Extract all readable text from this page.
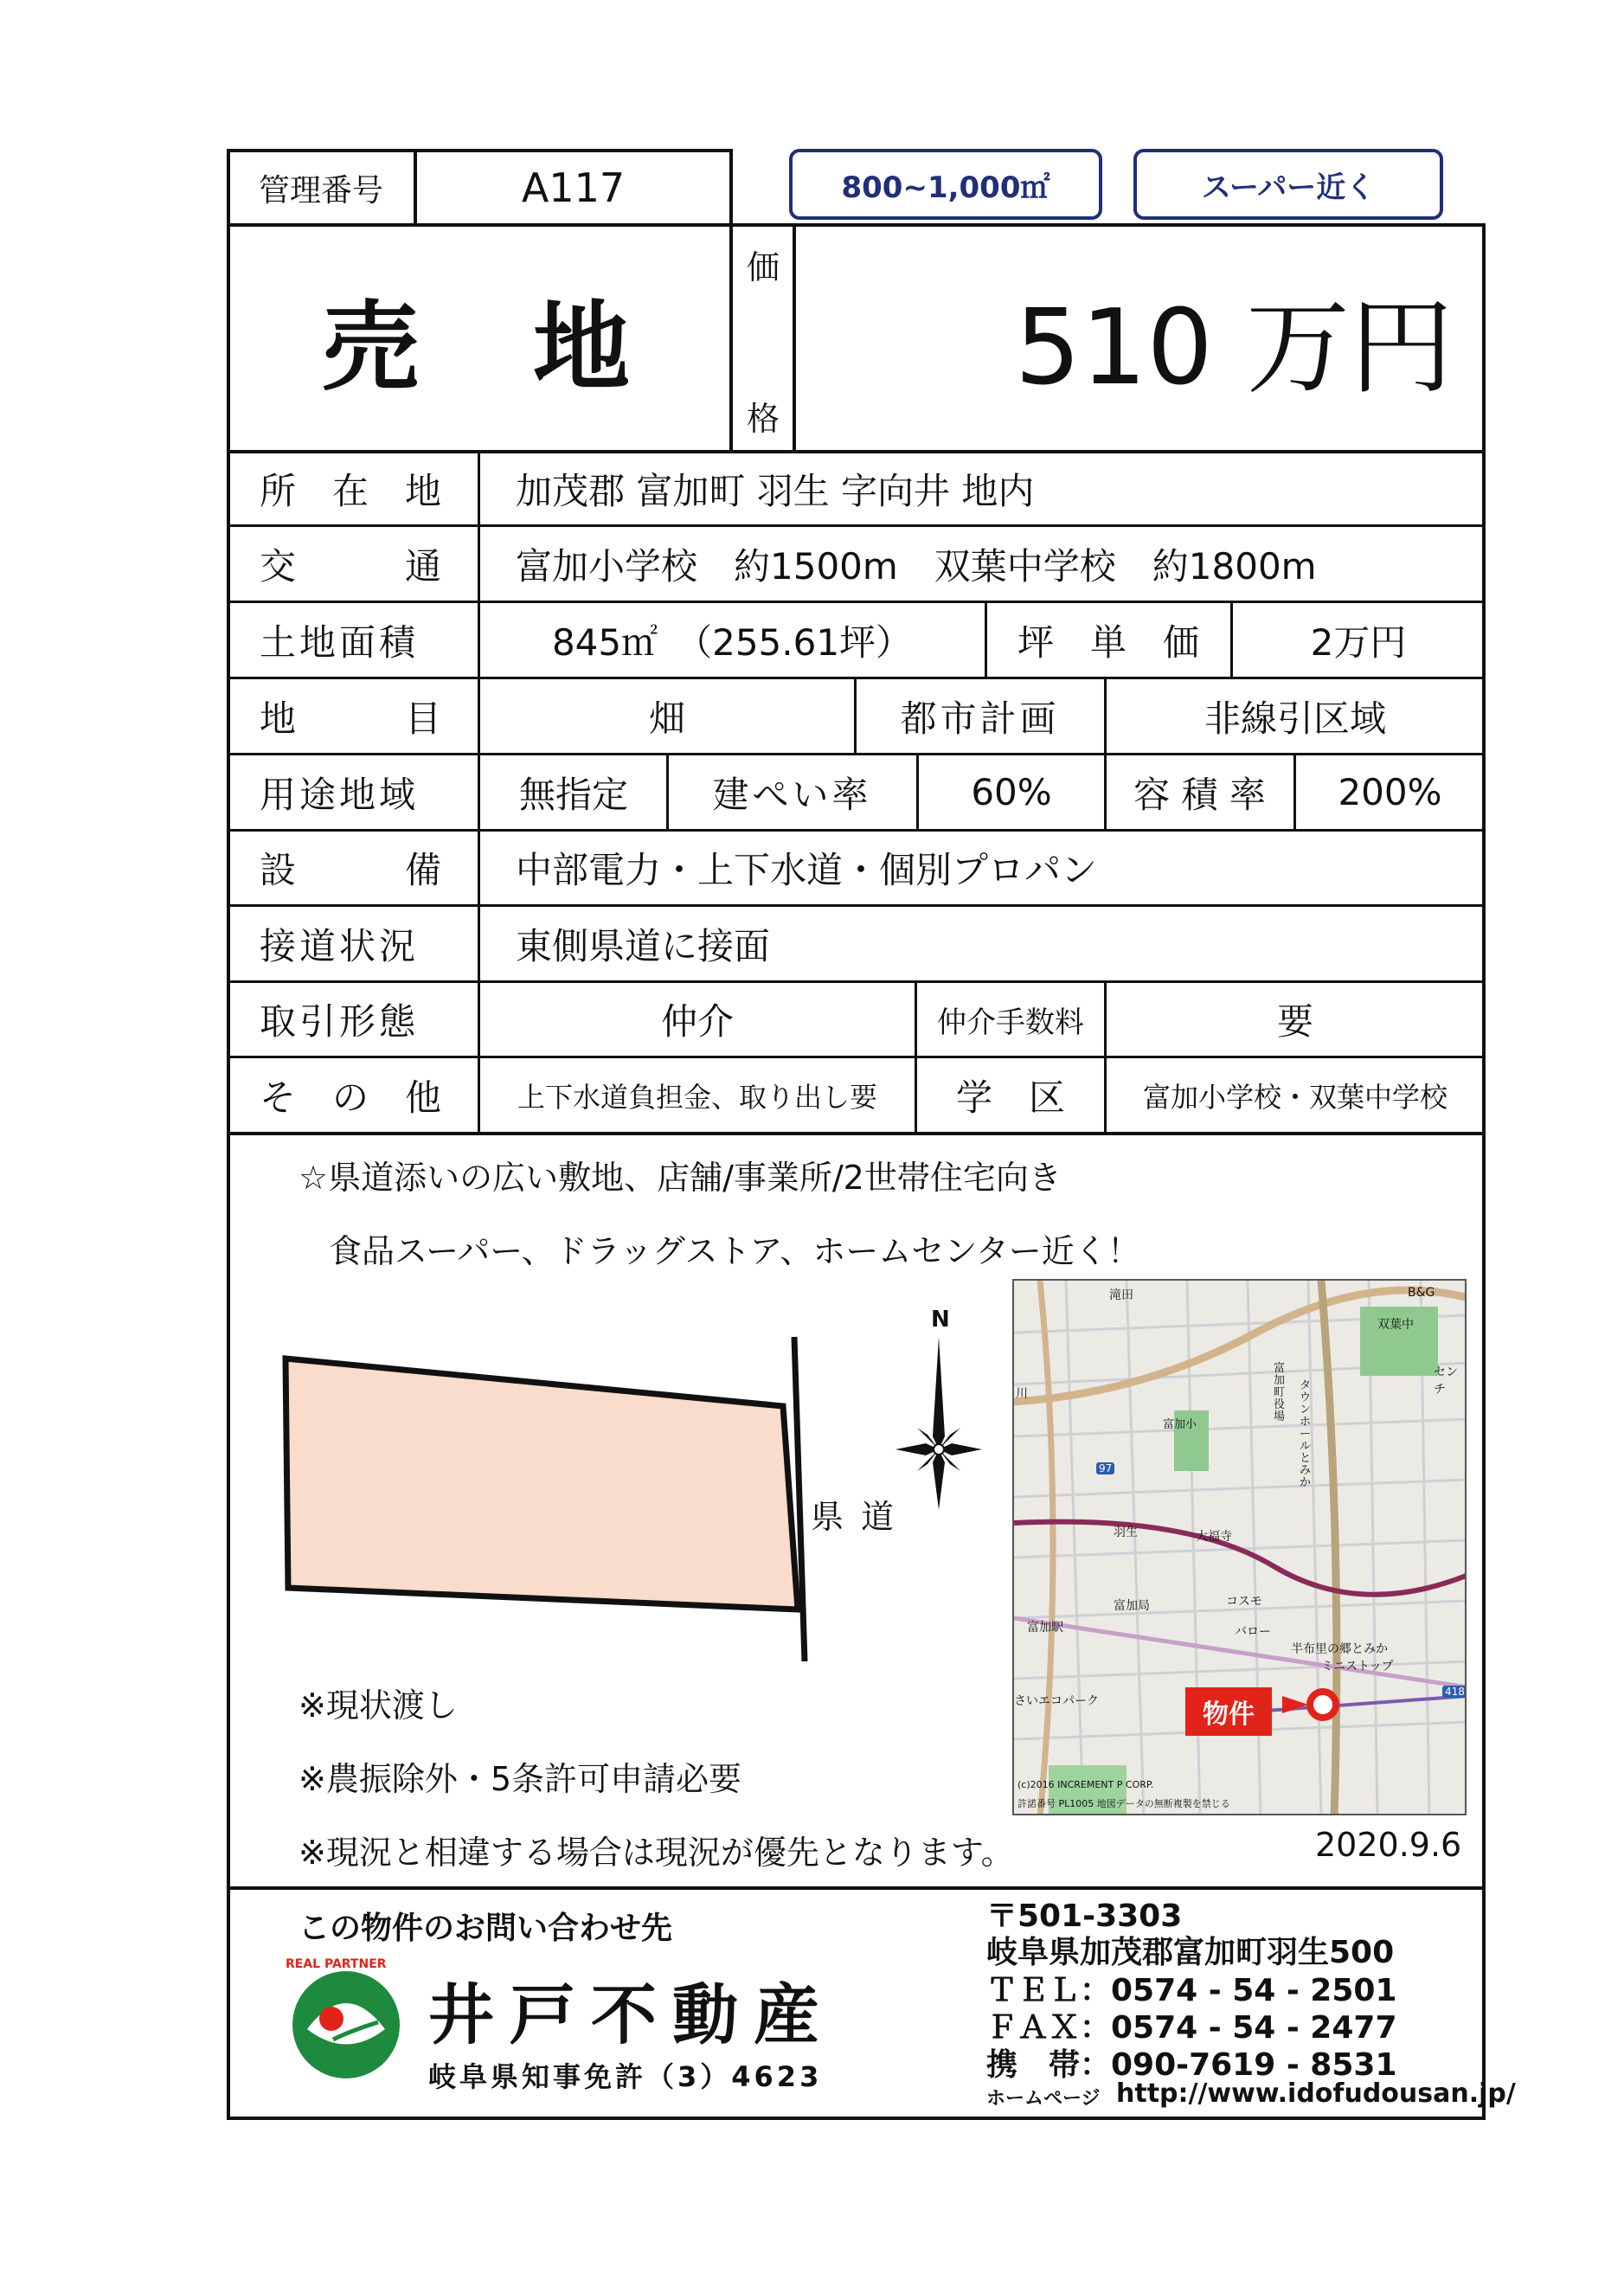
管理番号	A117	800~1,000㎡	スーパー近く
売　地
価
格
510 万円
所　在　地	加茂郡 富加町 羽生 字向井 地内
交　　　通	富加小学校　約1500m　双葉中学校　約1800m
土地面積	845㎡　（255.61坪）	坪　単　価	2万円
地　　　目	畑	都市計画	非線引区域
用途地域	無指定	建ぺい率	60%	容 積 率	200%
設　　　備	中部電力・上下水道・個別プロパン
接道状況	東側県道に接面
取引形態	仲介	仲介手数料	要
そ　の　他	上下水道負担金、取り出し要	学　区	富加小学校・双葉中学校
☆県道添いの広い敷地、店舗/事業所/2世帯住宅向き
食品スーパー、ドラッグストア、ホームセンター近く！
県 道
N
滝田	B&G
双葉中
富加町役場
タウンホールとみか
富加小
羽生	大福寺
富加局	コスモ
バロー
半布里の郷とみか
ミニストップ
富加駅
さいエコパーク
センチ
川
97
418
物件
(c)2016 INCREMENT P CORP.
許諾番号 PL1005 地図データの無断複製を禁じる
※現状渡し
※農振除外・5条許可申請必要
※現況と相違する場合は現況が優先となります。	2020.9.6
この物件のお問い合わせ先
REAL PARTNER
井戸不動産
岐阜県知事免許（3）4623
〒501-3303
岐阜県加茂郡富加町羽生500
ＴＥＬ：0574 - 54 - 2501
ＦＡＸ：0574 - 54 - 2477
携　帯：090-7619 - 8531
ホームページ http://www.idofudousan.jp/
